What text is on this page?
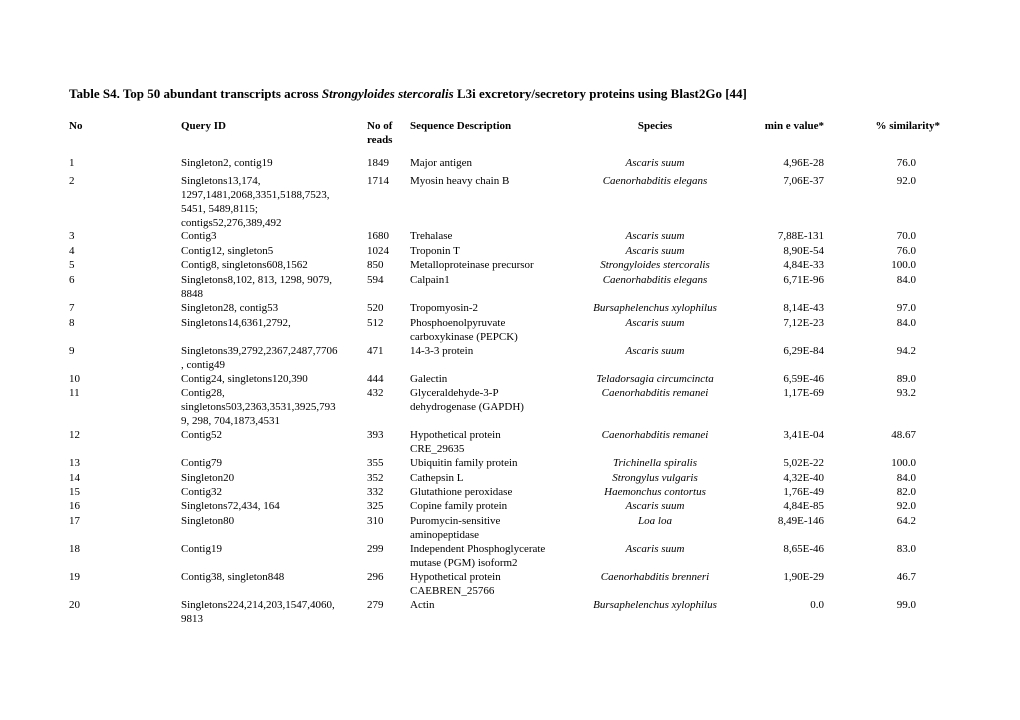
Table S4. Top 50 abundant transcripts across Strongyloides stercoralis L3i excretory/secretory proteins using Blast2Go [44]
No	Query ID	No of
reads
Sequence Description	Species	min e value*	% similarity*
1	Singleton2, contig19	1849	Major antigen	Ascaris suum	4,96E-28	76.0
2	Singletons13,174,
1297,1481,2068,3351,5188,7523,
5451, 5489,8115;
contigs52,276,389,492
1714	Myosin heavy chain B	Caenorhabditis elegans	7,06E-37	92.0
3	Contig3	1680	Trehalase	Ascaris suum	7,88E-131	70.0
4	Contig12, singleton5	1024	Troponin T	Ascaris suum	8,90E-54	76.0
5	Contig8, singletons608,1562	850	Metalloproteinase precursor	Strongyloides stercoralis	4,84E-33	100.0
6	Singletons8,102, 813, 1298, 9079,
8848
594	Calpain1	Caenorhabditis elegans	6,71E-96	84.0
7	Singleton28, contig53	520	Tropomyosin-2	Bursaphelenchus xylophilus	8,14E-43	97.0
8	Singletons14,6361,2792,	512	Phosphoenolpyruvate
carboxykinase (PEPCK)
Ascaris suum	7,12E-23	84.0
9	Singletons39,2792,2367,2487,7706
, contig49
471	14-3-3 protein	Ascaris suum	6,29E-84	94.2
10	Contig24, singletons120,390	444	Galectin	Teladorsagia circumcincta	6,59E-46	89.0
11	Contig28,
singletons503,2363,3531,3925,793
9, 298, 704,1873,4531
432	Glyceraldehyde-3-P
dehydrogenase (GAPDH)
Caenorhabditis remanei	1,17E-69	93.2
12	Contig52	393	Hypothetical protein
CRE_29635
Caenorhabditis remanei	3,41E-04	48.67
13	Contig79	355	Ubiquitin family protein	Trichinella spiralis	5,02E-22	100.0
14	Singleton20	352	Cathepsin L	Strongylus vulgaris	4,32E-40	84.0
15	Contig32	332	Glutathione peroxidase	Haemonchus contortus	1,76E-49	82.0
16	Singletons72,434, 164	325	Copine family protein	Ascaris suum	4,84E-85	92.0
17	Singleton80	310	Puromycin-sensitive
aminopeptidase
Loa loa	8,49E-146	64.2
18	Contig19	299	Independent Phosphoglycerate
mutase (PGM) isoform2
Ascaris suum	8,65E-46	83.0
19	Contig38, singleton848	296	Hypothetical protein
CAEBREN_25766
Caenorhabditis brenneri	1,90E-29	46.7
20	Singletons224,214,203,1547,4060,
9813
279	Actin	Bursaphelenchus xylophilus	0.0	99.0
